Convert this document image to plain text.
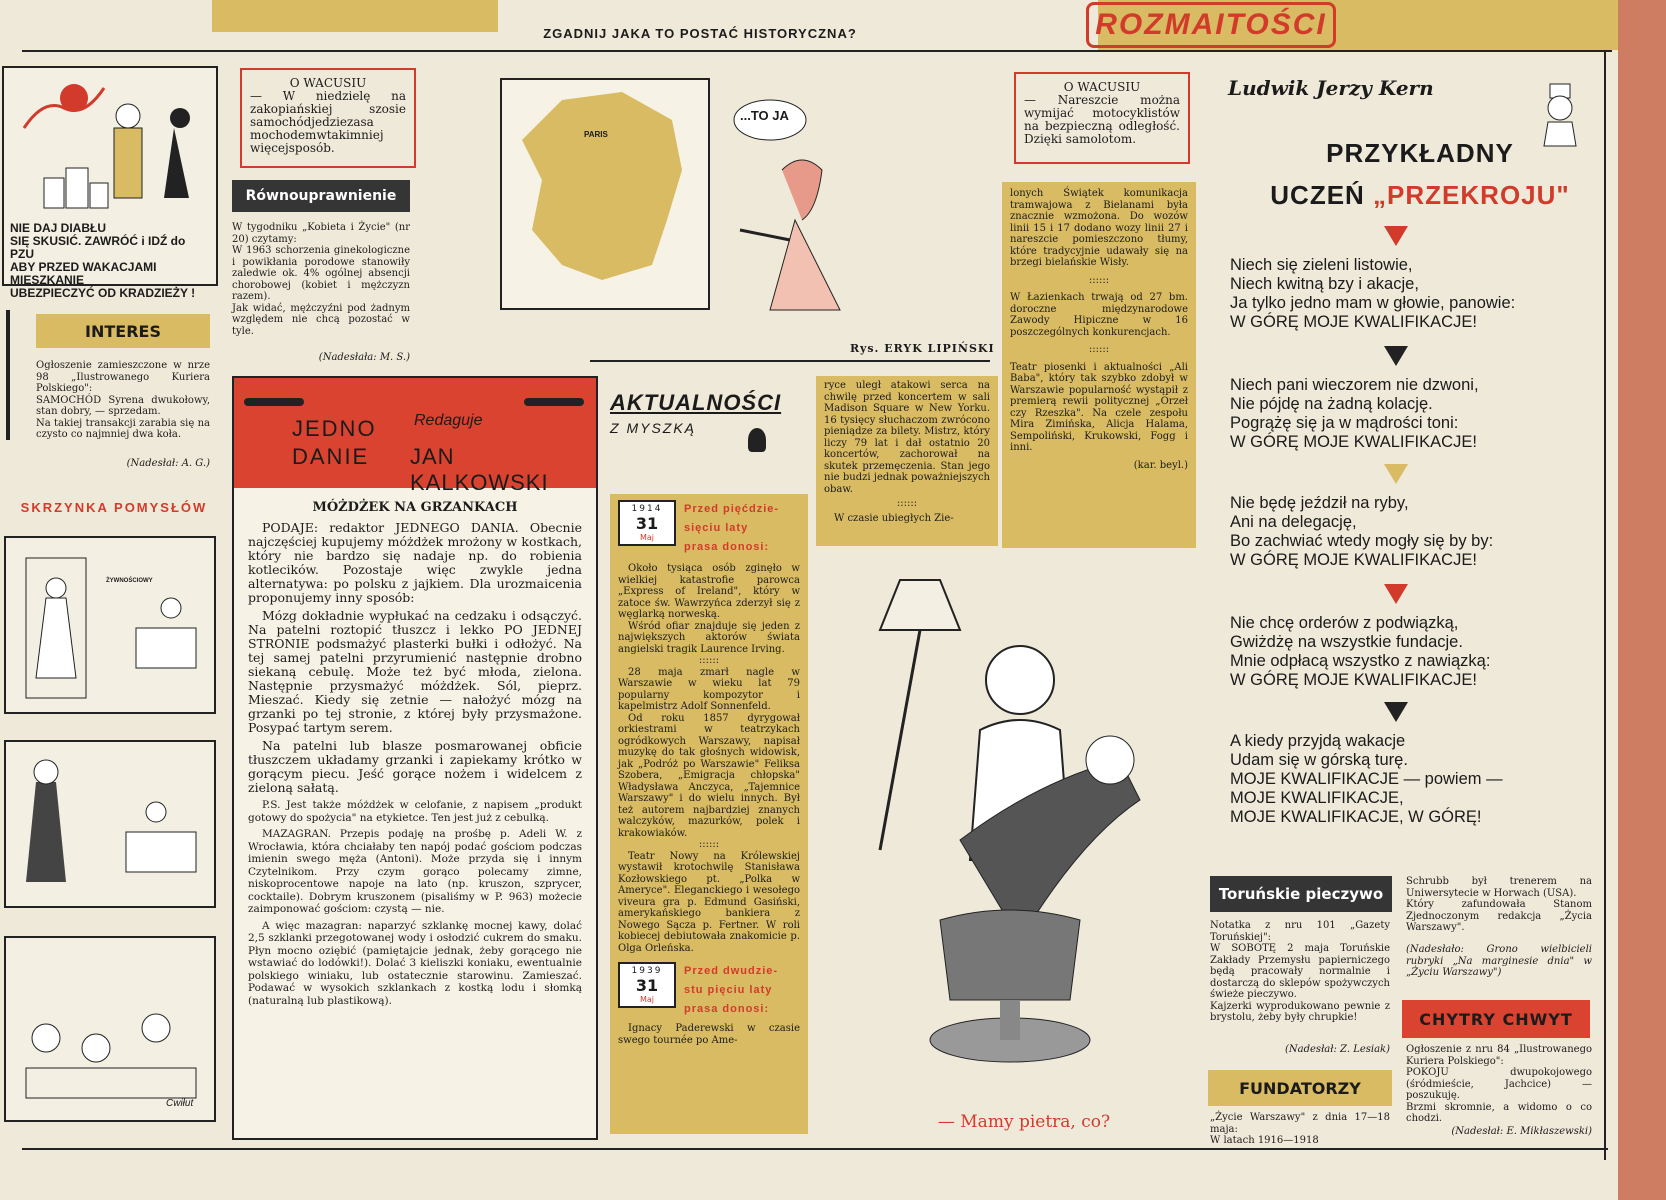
ZGADNIJ JAKA TO POSTAĆ HISTORYCZNA?	ROZMAITOŚCI
NIE DAJ DIABŁU
SIĘ SKUSIĆ. ZAWRÓĆ i IDŹ do PZU
ABY PRZED WAKACJAMI MIESZKANIE
UBEZPIECZYĆ OD KRADZIEŻY !
O WACUSIU
— W niedzielę na zakopiańskiej szosie samochódjedziezasa mochodemwtakimniej więcejsposób.
Równouprawnienie
W tygodniku „Kobieta i Życie" (nr 20) czytamy:
W 1963 schorzenia ginekologiczne i powikłania porodowe stanowiły zaledwie ok. 4% ogólnej absencji chorobowej (kobiet i mężczyzn razem).
Jak widać, mężczyźni pod żadnym względem nie chcą pozostać w tyle.
(Nadesłała: M. S.)
PARIS
...TO JA
Rys. ERYK LIPIŃSKI
O WACUSIU
— Nareszcie można wymijać motocyklistów na bezpieczną odległość. Dzięki samolotom.
lonych Świątek komunikacja tramwajowa z Bielanami była znacznie wzmożona. Do wozów linii 15 i 17 dodano wozy linii 27 i nareszcie pomieszczono tłumy, które tradycyjnie udawały się na brzegi bielańskie Wisły.
::::::
W Łazienkach trwają od 27 bm. doroczne międzynarodowe Zawody Hipiczne w 16 poszczególnych konkurencjach.
::::::
Teatr piosenki i aktualności „Ali Baba", który tak szybko zdobył w Warszawie popularność wystąpił z premierą rewii politycznej „Orzeł czy Rzeszka". Na czele zespołu Mira Zimińska, Alicja Halama, Sempoliński, Krukowski, Fogg i inni.
(kar. beyl.)
INTERES
Ogłoszenie zamieszczone w nrze 98 „Ilustrowanego Kuriera Polskiego":
SAMOCHÓD Syrena dwukołowy, stan dobry, — sprzedam.
Na takiej transakcji zarabia się na czysto co najmniej dwa koła.
(Nadesłał: A. G.)
SKRZYNKA POMYSŁÓW
ŻYWNOŚCIOWY
Cwiłut
JEDNO
DANIE
Redaguje
JAN KALKOWSKI
MÓŻDŻEK NA GRZANKACH
PODAJE: redaktor JEDNEGO DANIA. Obecnie najczęściej kupujemy móżdżek mrożony w kostkach, który nie bardzo się nadaje np. do robienia kotlecików. Pozostaje więc zwykle jedna alternatywa: po polsku z jajkiem. Dla urozmaicenia proponujemy inny sposób:
Mózg dokładnie wypłukać na cedzaku i odsączyć. Na patelni roztopić tłuszcz i lekko PO JEDNEJ STRONIE podsmażyć plasterki bułki i odłożyć. Na tej samej patelni przyrumienić następnie drobno siekaną cebulę. Może też być młoda, zielona. Następnie przysmażyć móżdżek. Sól, pieprz. Mieszać. Kiedy się zetnie — nałożyć mózg na grzanki po tej stronie, z której były przysmażone. Posypać tartym serem.
Na patelni lub blasze posmarowanej obficie tłuszczem układamy grzanki i zapiekamy krótko w gorącym piecu. Jeść gorące nożem i widelcem z zieloną sałatą.
P.S. Jest także móżdżek w celofanie, z napisem „produkt gotowy do spożycia" na etykietce. Ten jest już z cebulką.
MAZAGRAN. Przepis podaję na prośbę p. Adeli W. z Wrocławia, która chciałaby ten napój podać gościom podczas imienin swego męża (Antoni). Może przyda się i innym Czytelnikom. Przy czym gorąco polecamy zimne, niskoprocentowe napoje na lato (np. kruszon, szprycer, cocktaile). Dobrym kruszonem (pisaliśmy w P. 963) możecie zaimponować gościom: czystą — nie.
A więc mazagran: naparzyć szklankę mocnej kawy, dolać 2,5 szklanki przegotowanej wody i osłodzić cukrem do smaku. Płyn mocno oziębić (pamiętajcie jednak, żeby gorącego nie wstawiać do lodówki!). Dolać 3 kieliszki koniaku, ewentualnie polskiego winiaku, lub ostatecznie starowinu. Zamieszać. Podawać w wysokich szklankach z kostką lodu i słomką (naturalną lub plastikową).
AKTUALNOŚCI
Z MYSZKĄ
1914
31
Maj
Przed pięćdzie-
sięciu laty
prasa donosi:
Około tysiąca osób zginęło w wielkiej katastrofie parowca „Express of Ireland", który w zatoce św. Wawrzyńca zderzył się z węglarką norweską.
Wśród ofiar znajduje się jeden z największych aktorów świata angielski tragik Laurence Irving.
::::::
28 maja zmarł nagle w Warszawie w wieku lat 79 popularny kompozytor i kapelmistrz Adolf Sonnenfeld.
Od roku 1857 dyrygował orkiestrami w teatrzykach ogródkowych Warszawy, napisał muzykę do tak głośnych widowisk, jak „Podróż po Warszawie" Feliksa Szobera, „Emigracja chłopska" Władysława Anczyca, „Tajemnice Warszawy" i do wielu innych. Był też autorem najbardziej znanych walczyków, mazurków, polek i krakowiaków.
::::::
Teatr Nowy na Królewskiej wystawił krotochwilę Stanisława Kozłowskiego pt. „Polka w Ameryce". Eleganckiego i wesołego viveura gra p. Edmund Gasiński, amerykańskiego bankiera z Nowego Sącza p. Fertner. W roli kobiecej debiutowała znakomicie p. Olga Orleńska.
1939
31
Maj
Przed dwudzie-
stu pięciu laty
prasa donosi:
Ignacy Paderewski w czasie swego tournée po Ame-
ryce uległ atakowi serca na chwilę przed koncertem w sali Madison Square w New Yorku. 16 tysięcy słuchaczom zwrócono pieniądze za bilety. Mistrz, który liczy 79 lat i dał ostatnio 20 koncertów, zachorował na skutek przemęczenia. Stan jego nie budzi jednak poważniejszych obaw.
::::::
W czasie ubiegłych Zie-
— Mamy pietra, co?
Ludwik Jerzy Kern
PRZYKŁADNY
UCZEŃ „PRZEKROJU"
Niech się zieleni listowie,
Niech kwitną bzy i akacje,
Ja tylko jedno mam w głowie, panowie:
W GÓRĘ MOJE KWALIFIKACJE!
Niech pani wieczorem nie dzwoni,
Nie pójdę na żadną kolację.
Pogrążę się ja w mądrości toni:
W GÓRĘ MOJE KWALIFIKACJE!
Nie będę jeździł na ryby,
Ani na delegację,
Bo zachwiać wtedy mogły się by by:
W GÓRĘ MOJE KWALIFIKACJE!
Nie chcę orderów z podwiązką,
Gwiżdżę na wszystkie fundacje.
Mnie odpłacą wszystko z nawiązką:
W GÓRĘ MOJE KWALIFIKACJE!
A kiedy przyjdą wakacje
Udam się w górską turę.
MOJE KWALIFIKACJE — powiem —
MOJE KWALIFIKACJE,
MOJE KWALIFIKACJE, W GÓRĘ!
Toruńskie pieczywo
Notatka z nru 101 „Gazety Toruńskiej":
W SOBOTĘ 2 maja Toruńskie Zakłady Przemysłu papierniczego będą pracowały normalnie i dostarczą do sklepów spożywczych świeże pieczywo.
Kajzerki wyprodukowano pewnie z brystolu, żeby były chrupkie!
(Nadesłał: Z. Lesiak)
FUNDATORZY
„Życie Warszawy" z dnia 17—18 maja:
W latach 1916—1918
Schrubb był trenerem na Uniwersytecie w Horwach (USA).
Który zafundowała Stanom Zjednoczonym redakcja „Życia Warszawy".
(Nadesłało: Grono wielbicieli rubryki „Na marginesie dnia" w „Życiu Warszawy")
CHYTRY CHWYT
Ogłoszenie z nru 84 „Ilustrowanego Kuriera Polskiego":
POKOJU dwupokojowego (śródmieście, Jachcice) — poszukuję.
Brzmi skromnie, a widomo o co chodzi.
(Nadesłał: E. Mikłaszewski)
